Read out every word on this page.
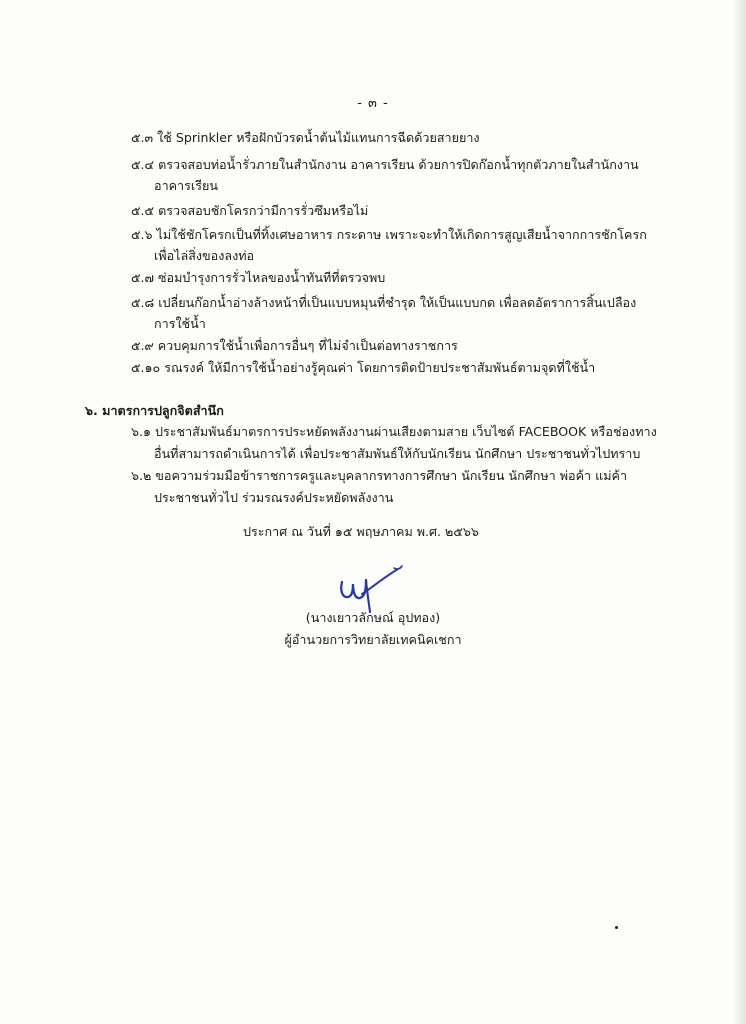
- ๓ -
๕.๓ ใช้ Sprinkler หรือฝักบัวรดน้ำต้นไม้แทนการฉีดด้วยสายยาง
๕.๔ ตรวจสอบท่อน้ำรั่วภายในสำนักงาน อาคารเรียน ด้วยการปิดก๊อกน้ำทุกตัวภายในสำนักงาน
อาคารเรียน
๕.๕ ตรวจสอบชักโครกว่ามีการรั่วซึมหรือไม่
๕.๖ ไม่ใช้ชักโครกเป็นที่ทิ้งเศษอาหาร กระดาษ เพราะจะทำให้เกิดการสูญเสียน้ำจากการชักโครก
เพื่อไล่สิ่งของลงท่อ
๕.๗ ซ่อมบำรุงการรั่วไหลของน้ำทันทีที่ตรวจพบ
๕.๘ เปลี่ยนก๊อกน้ำอ่างล้างหน้าที่เป็นแบบหมุนที่ชำรุด ให้เป็นแบบกด เพื่อลดอัตราการสิ้นเปลือง
การใช้น้ำ
๕.๙ ควบคุมการใช้น้ำเพื่อการอื่นๆ ที่ไม่จำเป็นต่อทางราชการ
๕.๑๐ รณรงค์ ให้มีการใช้น้ำอย่างรู้คุณค่า โดยการติดป้ายประชาสัมพันธ์ตามจุดที่ใช้น้ำ
๖. มาตรการปลูกจิตสำนึก
๖.๑ ประชาสัมพันธ์มาตรการประหยัดพลังงานผ่านเสียงตามสาย เว็บไซต์ FACEBOOK หรือช่องทาง
อื่นที่สามารถดำเนินการได้ เพื่อประชาสัมพันธ์ให้กับนักเรียน นักศึกษา ประชาชนทั่วไปทราบ
๖.๒ ขอความร่วมมือข้าราชการครูและบุคลากรทางการศึกษา นักเรียน นักศึกษา พ่อค้า แม่ค้า
ประชาชนทั่วไป ร่วมรณรงค์ประหยัดพลังงาน
ประกาศ ณ วันที่ ๑๕ พฤษภาคม พ.ศ. ๒๕๖๖
(นางเยาวลักษณ์ อุปทอง)
ผู้อำนวยการวิทยาลัยเทคนิคเชกา
